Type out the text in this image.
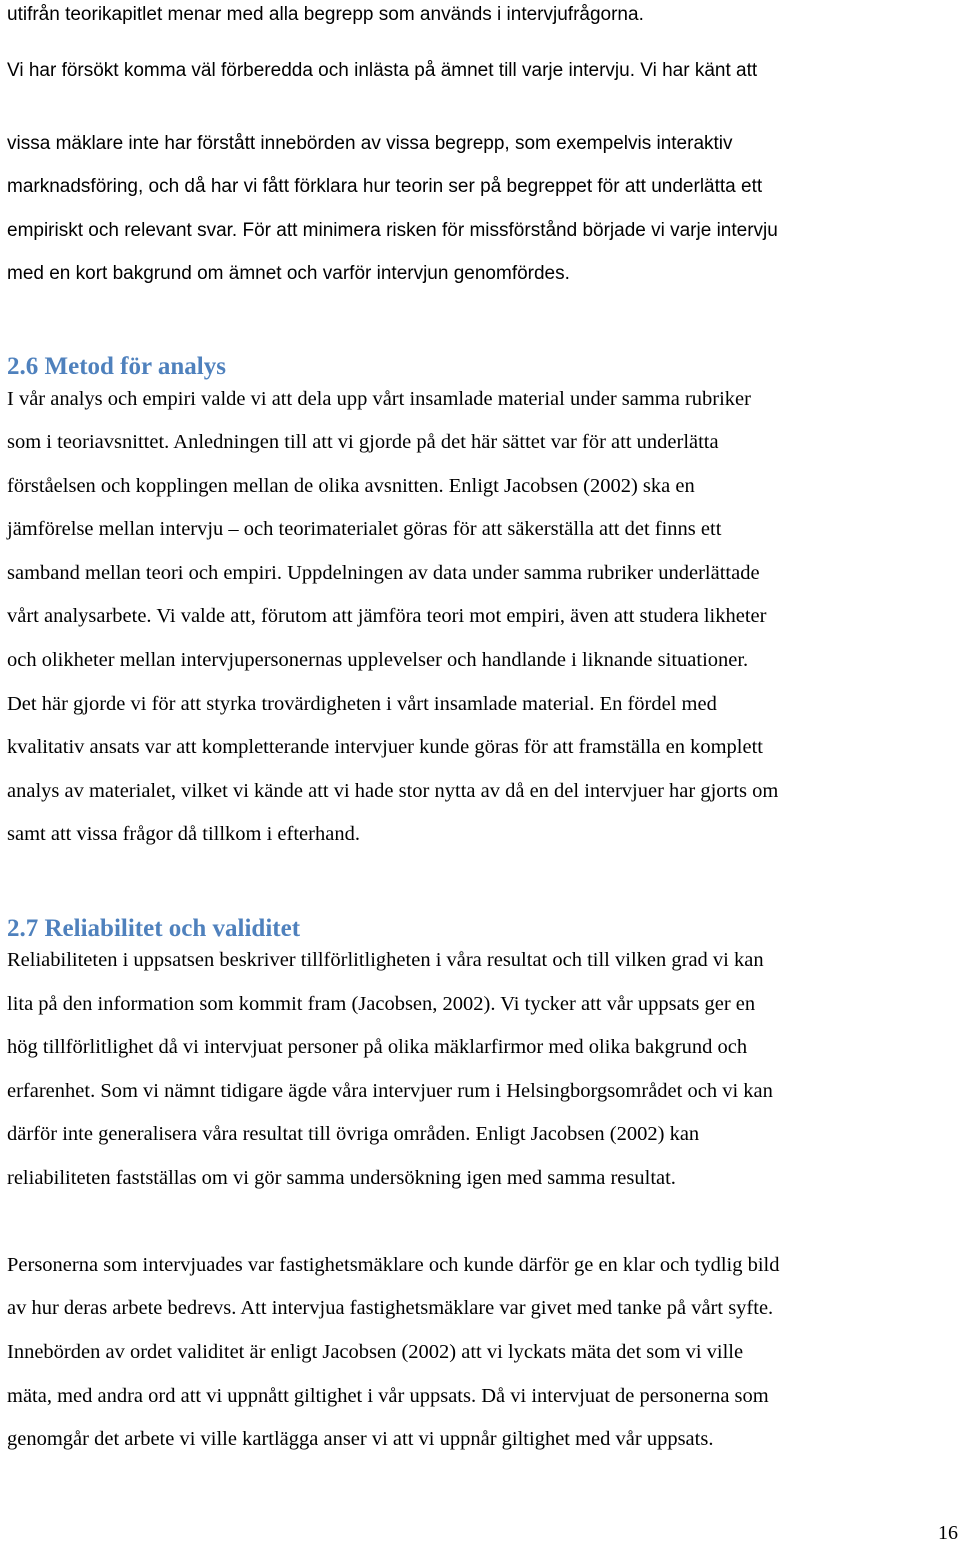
utifrån teorikapitlet menar med alla begrepp som används i intervjufrågorna.
Vi har försökt komma väl förberedda och inlästa på ämnet till varje intervju. Vi har känt att
vissa mäklare inte har förstått innebörden av vissa begrepp, som exempelvis interaktiv
marknadsföring, och då har vi fått förklara hur teorin ser på begreppet för att underlätta ett
empiriskt och relevant svar. För att minimera risken för missförstånd började vi varje intervju
med en kort bakgrund om ämnet och varför intervjun genomfördes.
2.6 Metod för analys
I vår analys och empiri valde vi att dela upp vårt insamlade material under samma rubriker
som i teoriavsnittet. Anledningen till att vi gjorde på det här sättet var för att underlätta
förståelsen och kopplingen mellan de olika avsnitten. Enligt Jacobsen (2002) ska en
jämförelse mellan intervju – och teorimaterialet göras för att säkerställa att det finns ett
samband mellan teori och empiri. Uppdelningen av data under samma rubriker underlättade
vårt analysarbete. Vi valde att, förutom att jämföra teori mot empiri, även att studera likheter
och olikheter mellan intervjupersonernas upplevelser och handlande i liknande situationer.
Det här gjorde vi för att styrka trovärdigheten i vårt insamlade material. En fördel med
kvalitativ ansats var att kompletterande intervjuer kunde göras för att framställa en komplett
analys av materialet, vilket vi kände att vi hade stor nytta av då en del intervjuer har gjorts om
samt att vissa frågor då tillkom i efterhand.
2.7 Reliabilitet och validitet
Reliabiliteten i uppsatsen beskriver tillförlitligheten i våra resultat och till vilken grad vi kan
lita på den information som kommit fram (Jacobsen, 2002). Vi tycker att vår uppsats ger en
hög tillförlitlighet då vi intervjuat personer på olika mäklarfirmor med olika bakgrund och
erfarenhet. Som vi nämnt tidigare ägde våra intervjuer rum i Helsingborgsområdet och vi kan
därför inte generalisera våra resultat till övriga områden. Enligt Jacobsen (2002) kan
reliabiliteten fastställas om vi gör samma undersökning igen med samma resultat.
Personerna som intervjuades var fastighetsmäklare och kunde därför ge en klar och tydlig bild
av hur deras arbete bedrevs. Att intervjua fastighetsmäklare var givet med tanke på vårt syfte.
Innebörden av ordet validitet är enligt Jacobsen (2002) att vi lyckats mäta det som vi ville
mäta, med andra ord att vi uppnått giltighet i vår uppsats. Då vi intervjuat de personerna som
genomgår det arbete vi ville kartlägga anser vi att vi uppnår giltighet med vår uppsats.
16
